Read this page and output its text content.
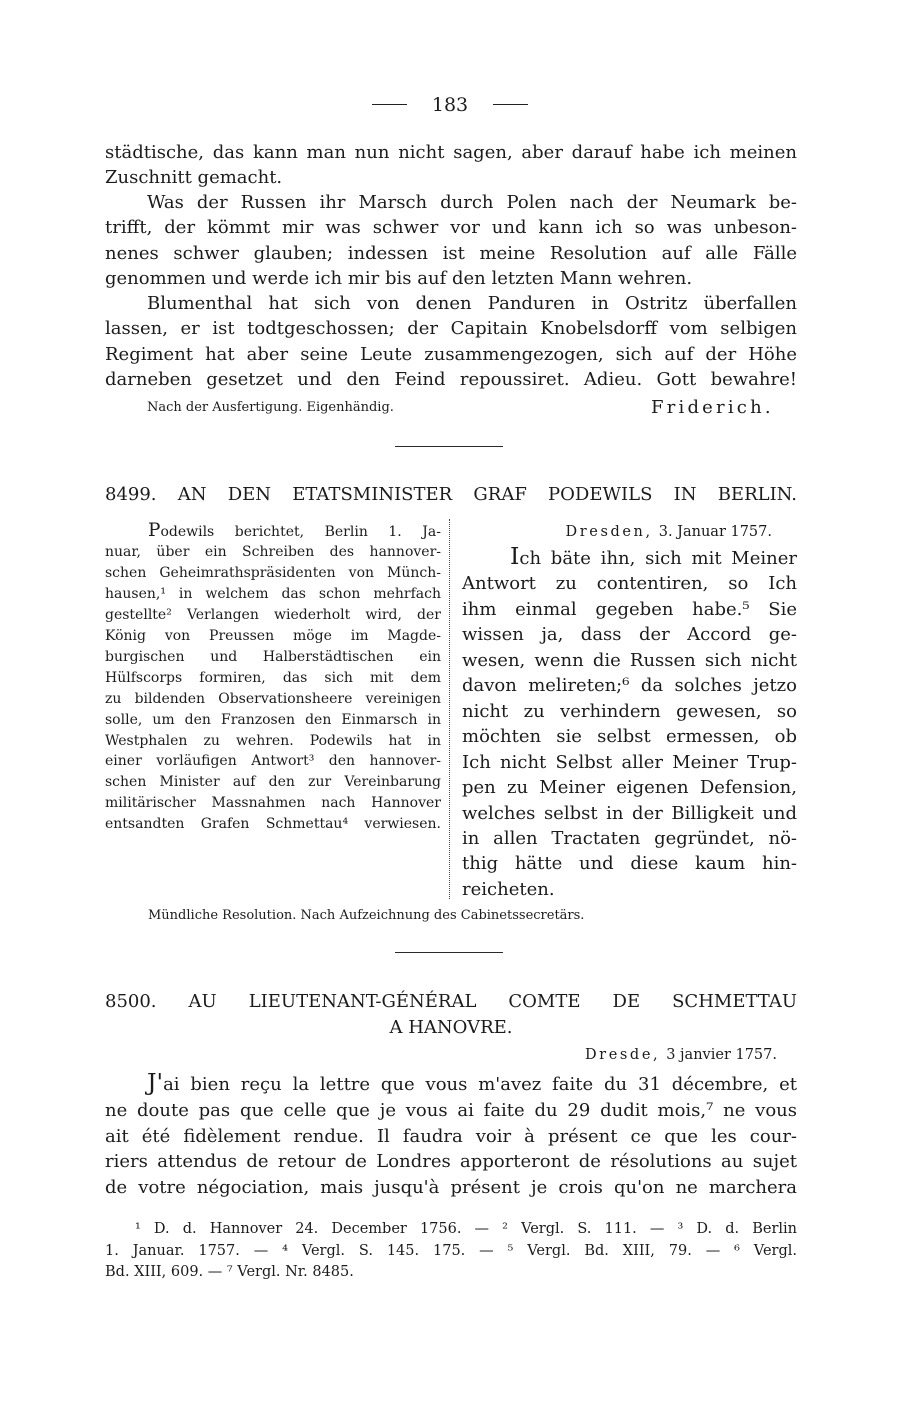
183
städtische, das kann man nun nicht sagen, aber darauf habe ich meinen
Zuschnitt gemacht.
Was der Russen ihr Marsch durch Polen nach der Neumark be-
trifft, der kömmt mir was schwer vor und kann ich so was unbeson-
nenes schwer glauben; indessen ist meine Resolution auf alle Fälle
genommen und werde ich mir bis auf den letzten Mann wehren.
Blumenthal hat sich von denen Panduren in Ostritz überfallen
lassen, er ist todtgeschossen; der Capitain Knobelsdorff vom selbigen
Regiment hat aber seine Leute zusammengezogen, sich auf der Höhe
darneben gesetzet und den Feind repoussiret. Adieu. Gott bewahre!
Nach der Ausfertigung. Eigenhändig.	Friderich.
8499. AN DEN ETATSMINISTER GRAF PODEWILS IN BERLIN.
Podewils berichtet, Berlin 1. Ja-
nuar, über ein Schreiben des hannover-
schen Geheimrathspräsidenten von Münch-
hausen,¹ in welchem das schon mehrfach
gestellte² Verlangen wiederholt wird, der
König von Preussen möge im Magde-
burgischen und Halberstädtischen ein
Hülfscorps formiren, das sich mit dem
zu bildenden Observationsheere vereinigen
solle, um den Franzosen den Einmarsch in
Westphalen zu wehren. Podewils hat in
einer vorläufigen Antwort³ den hannover-
schen Minister auf den zur Vereinbarung
militärischer Massnahmen nach Hannover
entsandten Grafen Schmettau⁴ verwiesen.
Dresden, 3. Januar 1757.
Ich bäte ihn, sich mit Meiner
Antwort zu contentiren, so Ich
ihm einmal gegeben habe.⁵ Sie
wissen ja, dass der Accord ge-
wesen, wenn die Russen sich nicht
davon melireten;⁶ da solches jetzo
nicht zu verhindern gewesen, so
möchten sie selbst ermessen, ob
Ich nicht Selbst aller Meiner Trup-
pen zu Meiner eigenen Defension,
welches selbst in der Billigkeit und
in allen Tractaten gegründet, nö-
thig hätte und diese kaum hin-
reicheten.
Mündliche Resolution. Nach Aufzeichnung des Cabinetssecretärs.
8500. AU LIEUTENANT-GÉNÉRAL COMTE DE SCHMETTAU
A HANOVRE.
Dresde, 3 janvier 1757.
J'ai bien reçu la lettre que vous m'avez faite du 31 décembre, et
ne doute pas que celle que je vous ai faite du 29 dudit mois,⁷ ne vous
ait été fidèlement rendue. Il faudra voir à présent ce que les cour-
riers attendus de retour de Londres apporteront de résolutions au sujet
de votre négociation, mais jusqu'à présent je crois qu'on ne marchera
¹ D. d. Hannover 24. December 1756. — ² Vergl. S. 111. — ³ D. d. Berlin
1. Januar. 1757. — ⁴ Vergl. S. 145. 175. — ⁵ Vergl. Bd. XIII, 79. — ⁶ Vergl.
Bd. XIII, 609. — ⁷ Vergl. Nr. 8485.
